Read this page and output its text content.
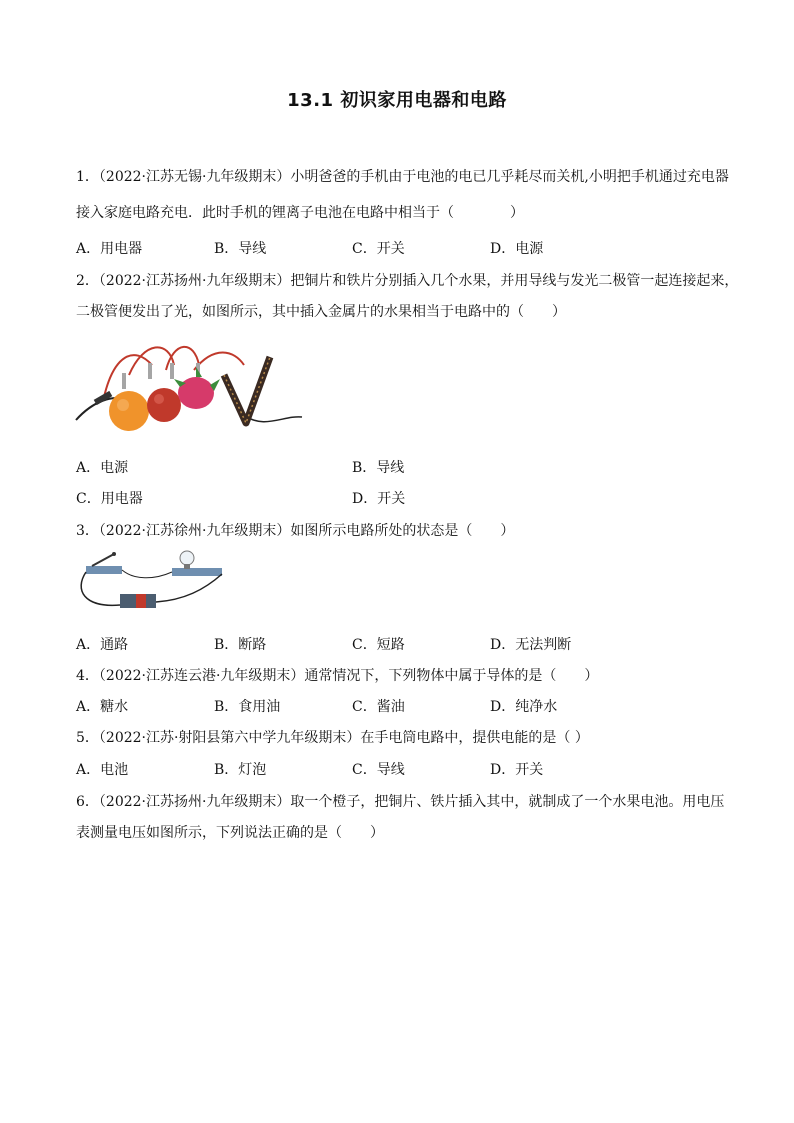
13.1 初识家用电器和电路
1．（2022·江苏无锡·九年级期末）小明爸爸的手机由于电池的电已几乎耗尽而关机,小明把手机通过充电器
接入家庭电路充电．此时手机的锂离子电池在电路中相当于（　　　　）
A．用电器	B．导线	C．开关	D．电源
2．（2022·江苏扬州·九年级期末）把铜片和铁片分别插入几个水果，并用导线与发光二极管一起连接起来，
二极管便发出了光，如图所示，其中插入金属片的水果相当于电路中的（　　）
A．电源	B．导线
C．用电器	D．开关
3．（2022·江苏徐州·九年级期末）如图所示电路所处的状态是（　　）
A．通路	B．断路	C．短路	D．无法判断
4．（2022·江苏连云港·九年级期末）通常情况下，下列物体中属于导体的是（　　）
A．糖水	B．食用油	C．酱油	D．纯净水
5．（2022·江苏·射阳县第六中学九年级期末）在手电筒电路中，提供电能的是（ ）
A．电池	B．灯泡	C．导线	D．开关
6．（2022·江苏扬州·九年级期末）取一个橙子，把铜片、铁片插入其中，就制成了一个水果电池。用电压
表测量电压如图所示，下列说法正确的是（　　）
